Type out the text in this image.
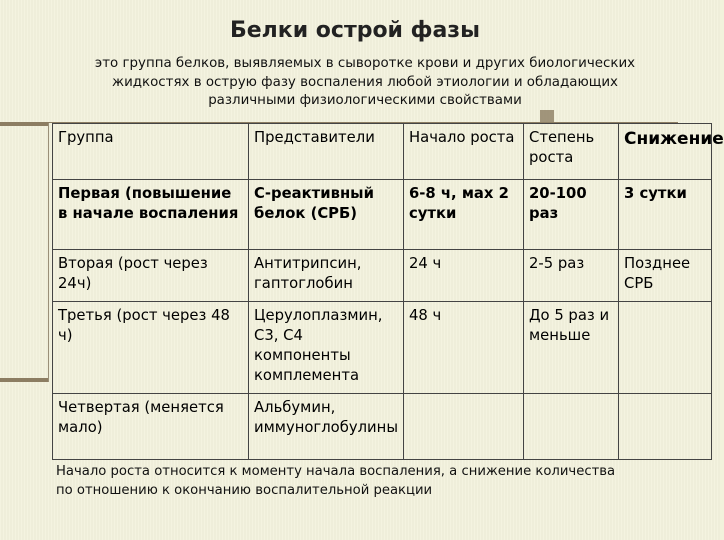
Белки острой фазы
это группа белков, выявляемых в сыворотке крови и других биологических
жидкостях в острую фазу воспаления любой этиологии и обладающих
различными физиологическими свойствами
Группа	Представители	Начало роста	Степень роста	Снижение
Первая (повышение в начале воспаления	С-реактивный белок (СРБ)	6-8 ч, мах 2 сутки	20-100 раз	3 сутки
Вторая (рост через 24ч)	Антитрипсин, гаптоглобин	24 ч	2-5 раз	Позднее СРБ
Третья (рост через 48 ч)	Церулоплазмин, С3, С4 компоненты комплемента	48 ч	До 5 раз и меньше	
Четвертая (меняется мало)	Альбумин, иммуноглобулины			
Начало роста относится к моменту начала воспаления, а снижение количества
по отношению к окончанию воспалительной реакции
